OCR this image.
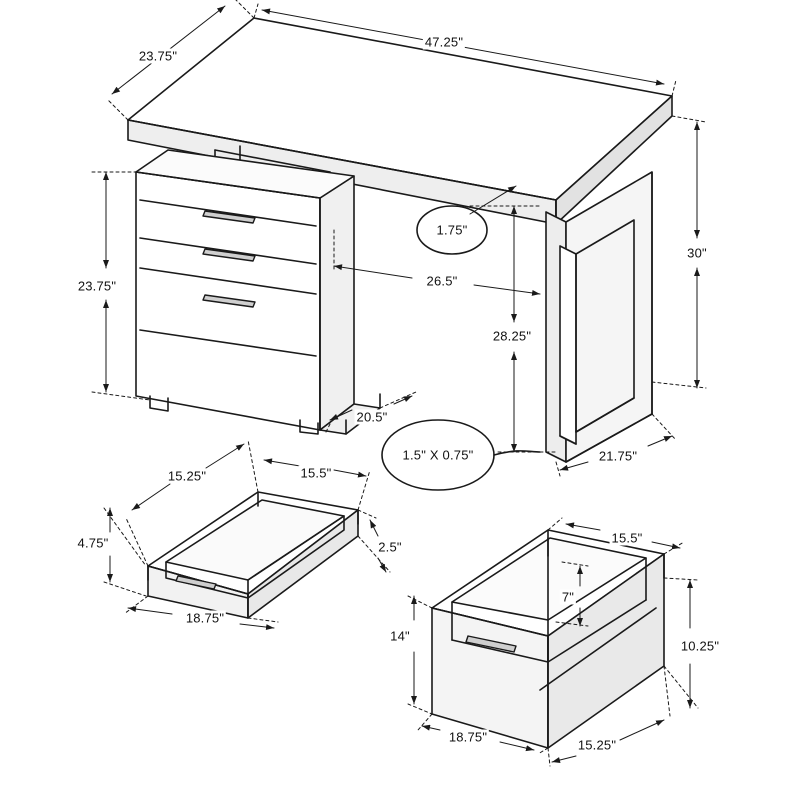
23.75"
47.25"
30"
23.75"
1.75"
26.5"
28.25"
20.5"
21.75"
1.5" X 0.75"
15.25"	15.5"
4.75"	2.5"
18.75"
15.5"
7"
14"
10.25"
18.75"
15.25"
